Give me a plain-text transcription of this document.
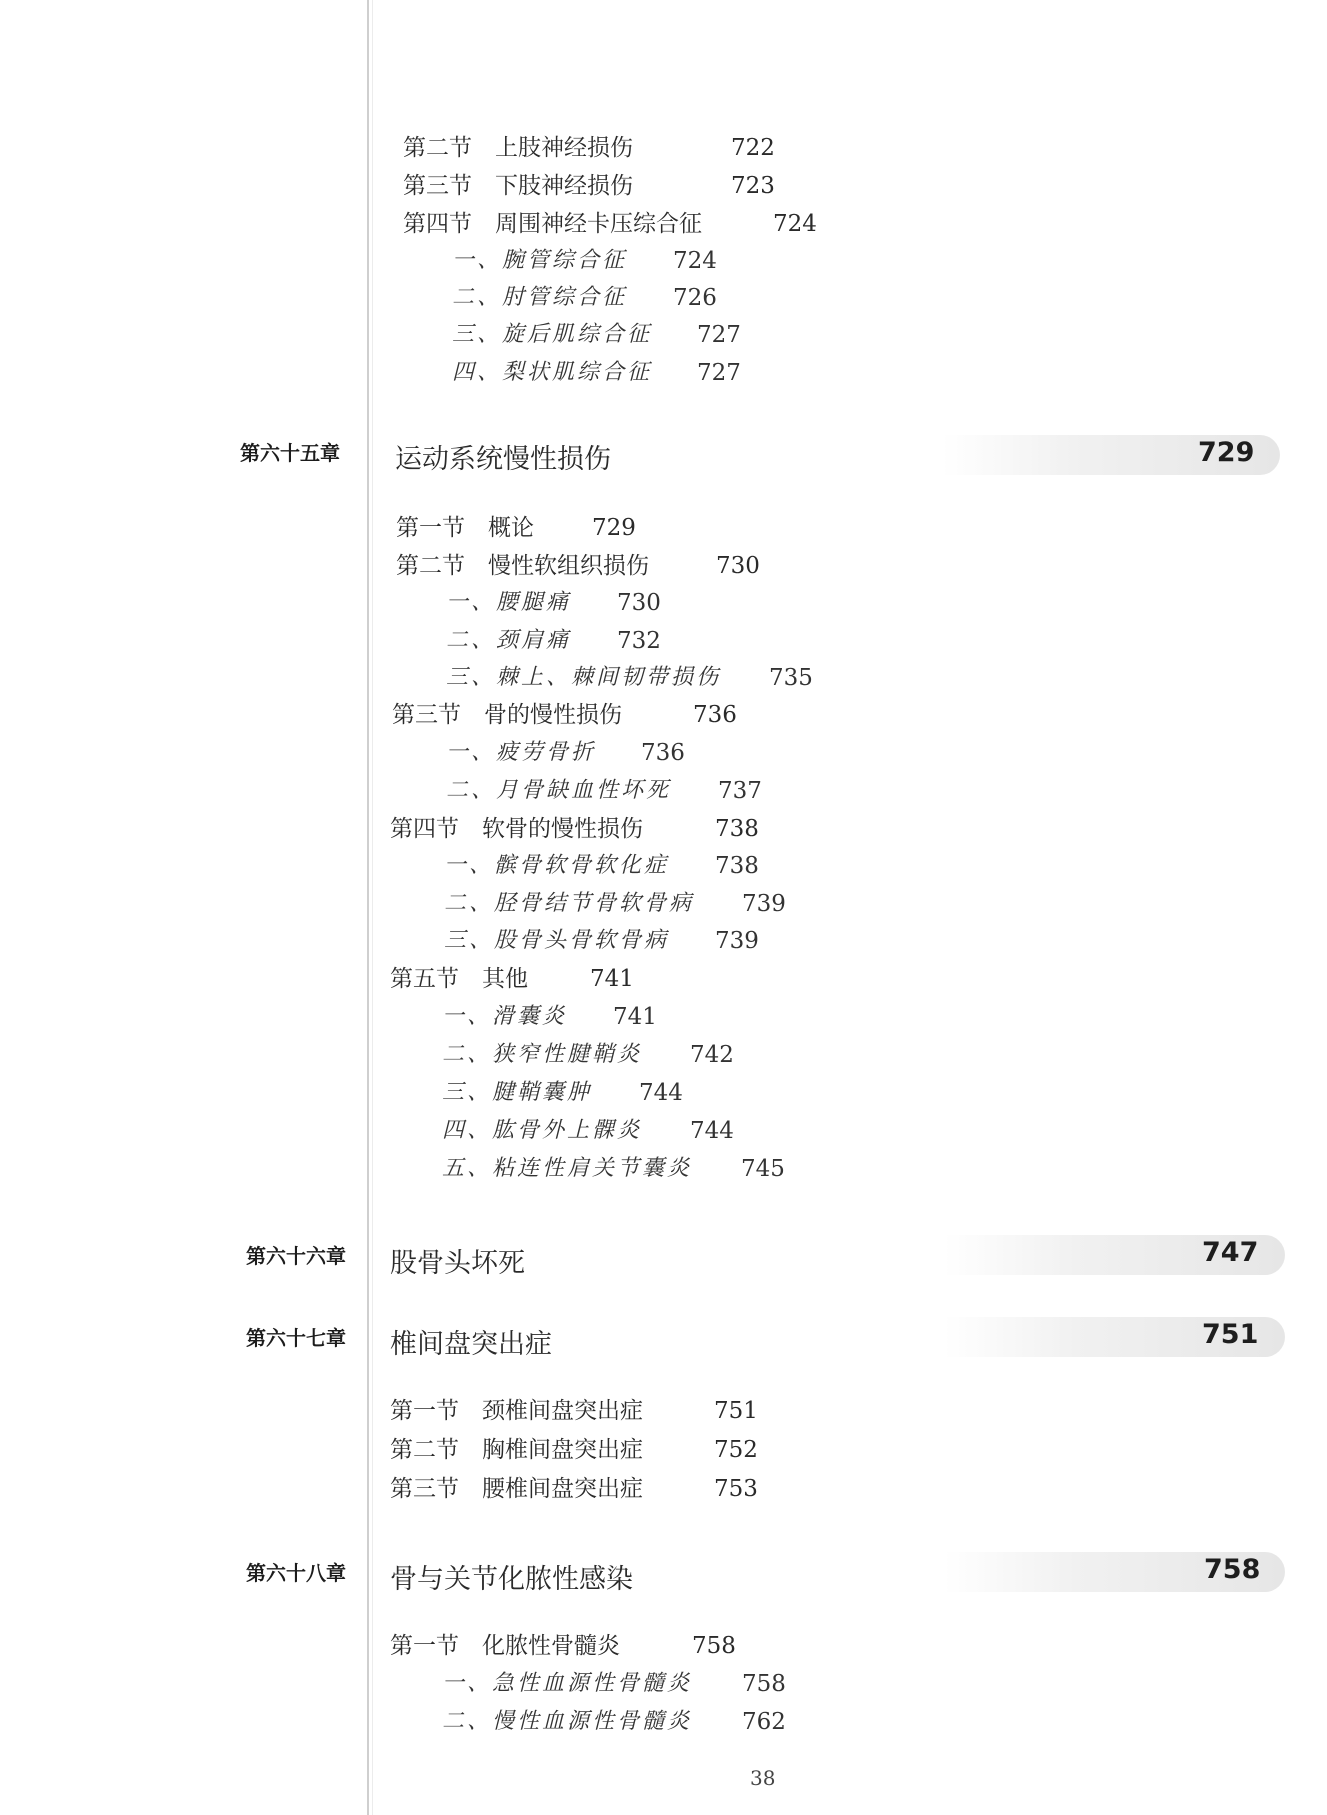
第二节　上肢神经损伤	722
第三节　下肢神经损伤	723
第四节　周围神经卡压综合征	724
一、腕管综合征 724
二、肘管综合征 726
三、旋后肌综合征 727
四、梨状肌综合征 727
第六十五章	运动系统慢性损伤	729
第一节　概论	729
第二节　慢性软组织损伤	730
一、腰腿痛 730
二、颈肩痛 732
三、棘上、棘间韧带损伤 735
第三节　骨的慢性损伤	736
一、疲劳骨折 736
二、月骨缺血性坏死 737
第四节　软骨的慢性损伤	738
一、髌骨软骨软化症 738
二、胫骨结节骨软骨病 739
三、股骨头骨软骨病 739
第五节　其他	741
一、滑囊炎 741
二、狭窄性腱鞘炎 742
三、腱鞘囊肿 744
四、肱骨外上髁炎 744
五、粘连性肩关节囊炎 745
第六十六章	股骨头坏死	747
第六十七章	椎间盘突出症	751
第一节　颈椎间盘突出症	751
第二节　胸椎间盘突出症	752
第三节　腰椎间盘突出症	753
第六十八章	骨与关节化脓性感染	758
第一节　化脓性骨髓炎	758
一、急性血源性骨髓炎 758
二、慢性血源性骨髓炎 762
38
